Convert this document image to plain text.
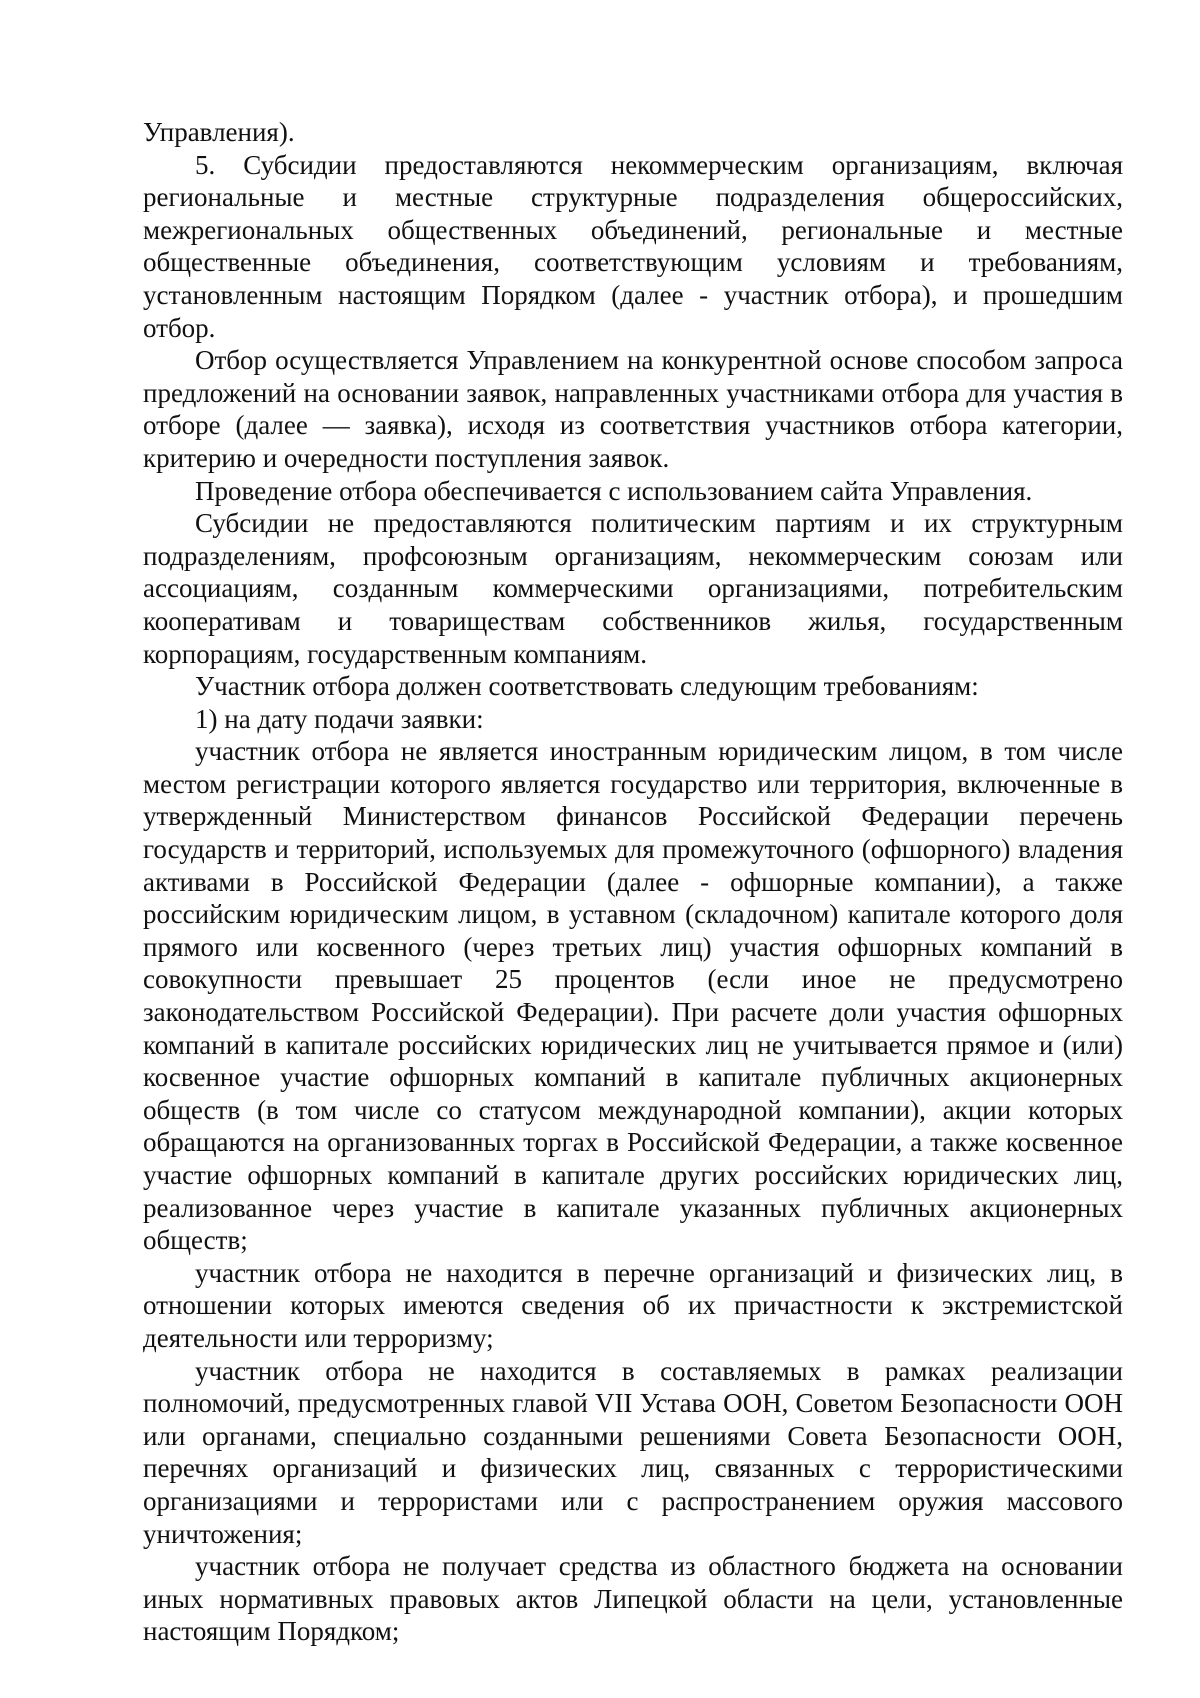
Управления).

5. Субсидии предоставляются некоммерческим организациям, включая региональные и местные структурные подразделения общероссийских, межрегиональных общественных объединений, региональные и местные общественные объединения, соответствующим условиям и требованиям, установленным настоящим Порядком (далее - участник отбора), и прошедшим отбор.

Отбор осуществляется Управлением на конкурентной основе способом запроса предложений на основании заявок, направленных участниками отбора для участия в отборе (далее — заявка), исходя из соответствия участников отбора категории, критерию и очередности поступления заявок.

Проведение отбора обеспечивается с использованием сайта Управления.

Субсидии не предоставляются политическим партиям и их структурным подразделениям, профсоюзным организациям, некоммерческим союзам или ассоциациям, созданным коммерческими организациями, потребительским кооперативам и товариществам собственников жилья, государственным корпорациям, государственным компаниям.

Участник отбора должен соответствовать следующим требованиям:

1) на дату подачи заявки:

участник отбора не является иностранным юридическим лицом, в том числе местом регистрации которого является государство или территория, включенные в утвержденный Министерством финансов Российской Федерации перечень государств и территорий, используемых для промежуточного (офшорного) владения активами в Российской Федерации (далее - офшорные компании), а также российским юридическим лицом, в уставном (складочном) капитале которого доля прямого или косвенного (через третьих лиц) участия офшорных компаний в совокупности превышает 25 процентов (если иное не предусмотрено законодательством Российской Федерации). При расчете доли участия офшорных компаний в капитале российских юридических лиц не учитывается прямое и (или) косвенное участие офшорных компаний в капитале публичных акционерных обществ (в том числе со статусом международной компании), акции которых обращаются на организованных торгах в Российской Федерации, а также косвенное участие офшорных компаний в капитале других российских юридических лиц, реализованное через участие в капитале указанных публичных акционерных обществ;

участник отбора не находится в перечне организаций и физических лиц, в отношении которых имеются сведения об их причастности к экстремистской деятельности или терроризму;

участник отбора не находится в составляемых в рамках реализации полномочий, предусмотренных главой VII Устава ООН, Советом Безопасности ООН или органами, специально созданными решениями Совета Безопасности ООН, перечнях организаций и физических лиц, связанных с террористическими организациями и террористами или с распространением оружия массового уничтожения;

участник отбора не получает средства из областного бюджета на основании иных нормативных правовых актов Липецкой области на цели, установленные настоящим Порядком;
